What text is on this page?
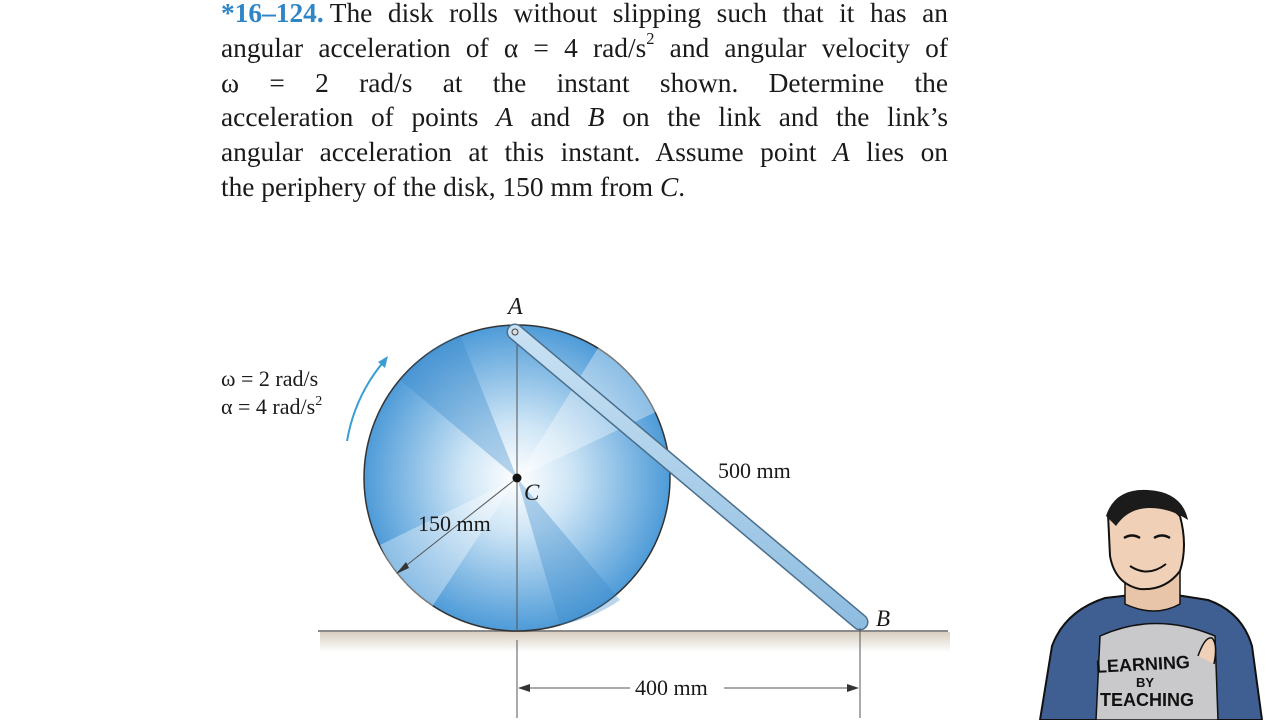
*16–124. The disk rolls without slipping such that it has an
angular acceleration of α = 4 rad/$s^2$ and angular velocity of
ω = 2 rad/s at the instant shown. Determine the
acceleration of points A and B on the link and the link’s
angular acceleration at this instant. Assume point A lies on
the periphery of the disk, 150 mm from C.
A
B
C
ω = 2 rad/s
α = 4 rad/$s^2$
150 mm
500 mm
400 mm
LEARNING
BY
TEACHING
